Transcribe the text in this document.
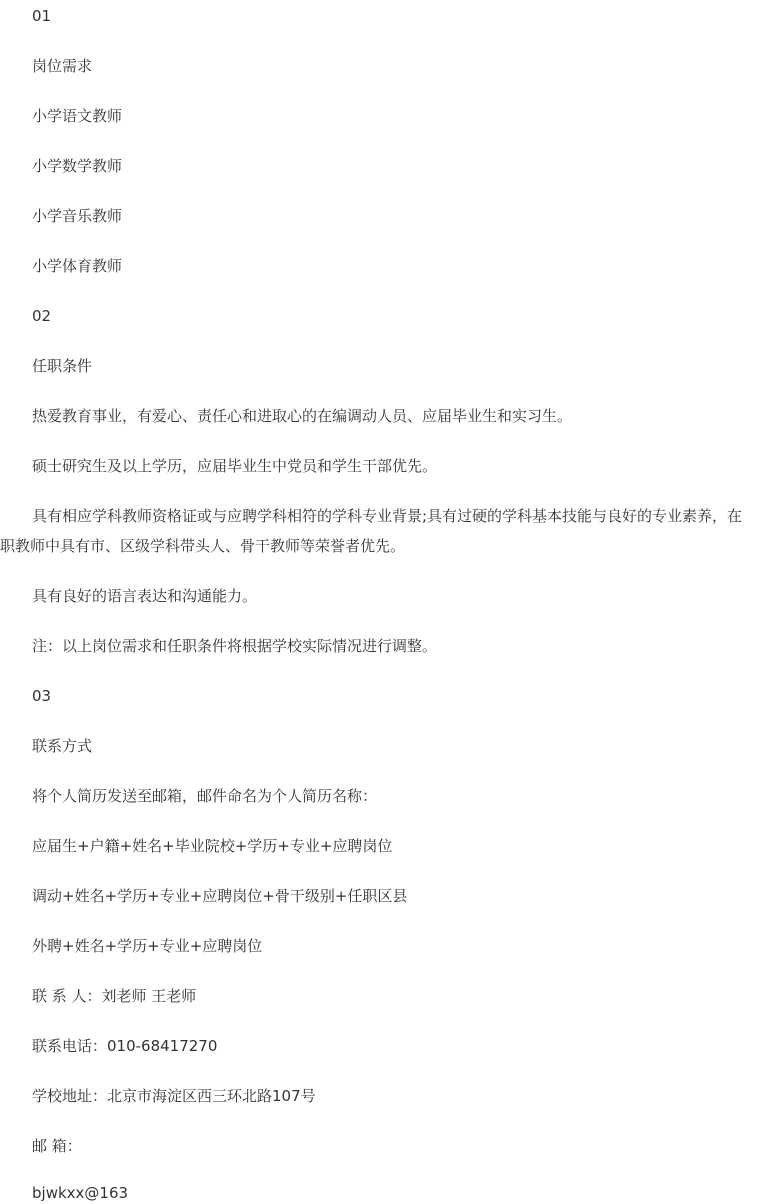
01

岗位需求

小学语文教师

小学数学教师

小学音乐教师

小学体育教师

02

任职条件

热爱教育事业，有爱心、责任心和进取心的在编调动人员、应届毕业生和实习生。

硕士研究生及以上学历，应届毕业生中党员和学生干部优先。

具有相应学科教师资格证或与应聘学科相符的学科专业背景;具有过硬的学科基本技能与良好的专业素养，在职教师中具有市、区级学科带头人、骨干教师等荣誉者优先。

具有良好的语言表达和沟通能力。

注：以上岗位需求和任职条件将根据学校实际情况进行调整。

03

联系方式

将个人简历发送至邮箱，邮件命名为个人简历名称：

应届生+户籍+姓名+毕业院校+学历+专业+应聘岗位

调动+姓名+学历+专业+应聘岗位+骨干级别+任职区县

外聘+姓名+学历+专业+应聘岗位

联 系 人：刘老师 王老师

联系电话：010-68417270

学校地址：北京市海淀区西三环北路107号

邮 箱：

bjwkxx@163
